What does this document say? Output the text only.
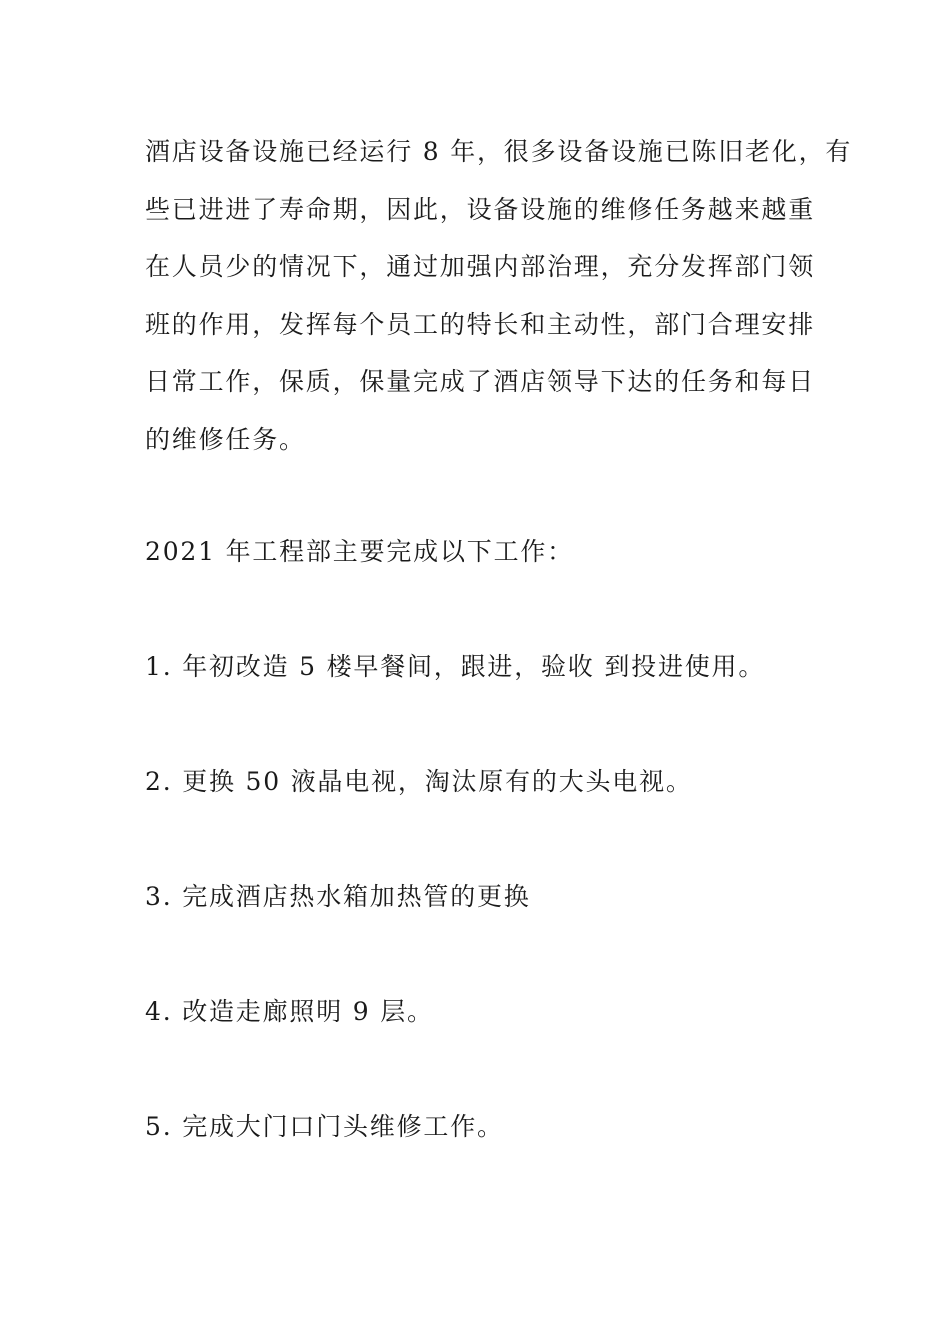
酒店设备设施已经运行 8 年，很多设备设施已陈旧老化，有
些已进进了寿命期，因此，设备设施的维修任务越来越重
在人员少的情况下，通过加强内部治理，充分发挥部门领
班的作用，发挥每个员工的特长和主动性，部门合理安排
日常工作，保质，保量完成了酒店领导下达的任务和每日
的维修任务。
2021 年工程部主要完成以下工作：
1. 年初改造 5 楼早餐间，跟进，验收 到投进使用。
2. 更换 50 液晶电视，淘汰原有的大头电视。
3. 完成酒店热水箱加热管的更换
4. 改造走廊照明 9 层。
5. 完成大门口门头维修工作。
